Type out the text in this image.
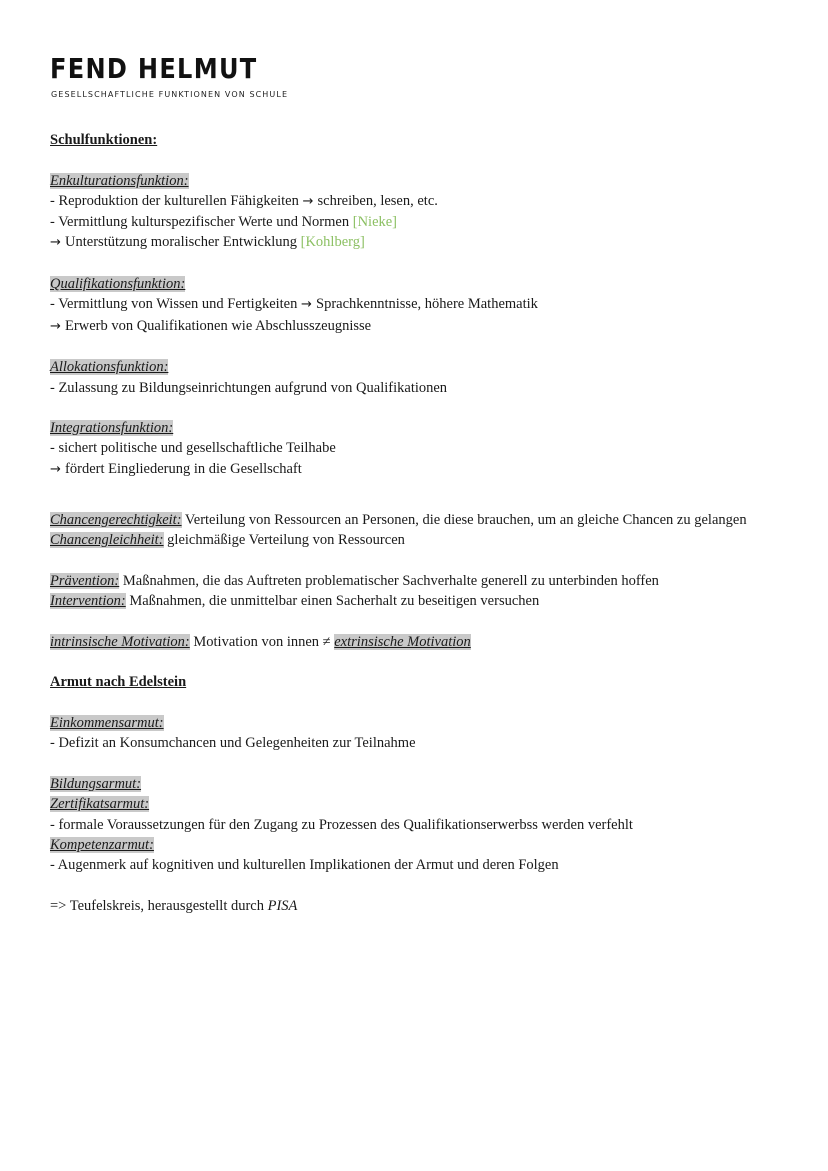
FEND HELMUT
GESELLSCHAFTLICHE FUNKTIONEN VON SCHULE
Schulfunktionen:
Enkulturationsfunktion:
- Reproduktion der kulturellen Fähigkeiten → schreiben, lesen, etc.
- Vermittlung kulturspezifischer Werte und Normen [Nieke]
→ Unterstützung moralischer Entwicklung [Kohlberg]
Qualifikationsfunktion:
- Vermittlung von Wissen und Fertigkeiten → Sprachkenntnisse, höhere Mathematik
→ Erwerb von Qualifikationen wie Abschlusszeugnisse
Allokationsfunktion:
- Zulassung zu Bildungseinrichtungen aufgrund von Qualifikationen
Integrationsfunktion:
- sichert politische und gesellschaftliche Teilhabe
→ fördert Eingliederung in die Gesellschaft
Chancengerechtigkeit: Verteilung von Ressourcen an Personen, die diese brauchen, um an gleiche Chancen zu gelangen
Chancengleichheit: gleichmäßige Verteilung von Ressourcen
Prävention: Maßnahmen, die das Auftreten problematischer Sachverhalte generell zu unterbinden hoffen
Intervention: Maßnahmen, die unmittelbar einen Sacherhalt zu beseitigen versuchen
intrinsische Motivation: Motivation von innen ≠ extrinsische Motivation
Armut nach Edelstein
Einkommensarmut:
- Defizit an Konsumchancen und Gelegenheiten zur Teilnahme
Bildungsarmut:
Zertifikatsarmut:
- formale Voraussetzungen für den Zugang zu Prozessen des Qualifikationserwerbss werden verfehlt
Kompetenzarmut:
- Augenmerk auf kognitiven und kulturellen Implikationen der Armut und deren Folgen
=> Teufelskreis, herausgestellt durch PISA
